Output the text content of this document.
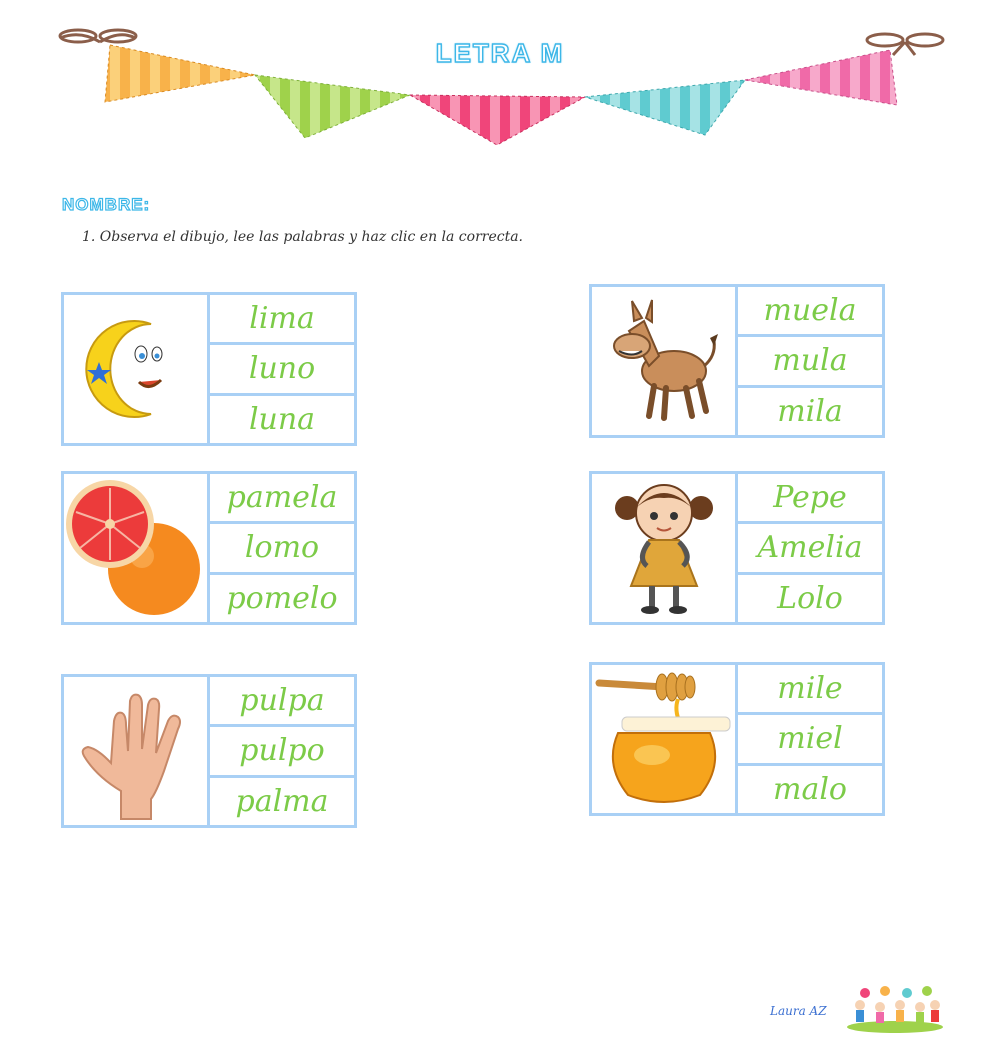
LETRA M
NOMBRE:
1. Observa el dibujo, lee las palabras y haz clic en la correcta.
lima
luno
luna
muela
mula
mila
pamela
lomo
pomelo
Pepe
Amelia
Lolo
pulpa
pulpo
palma
mile
miel
malo
Laura AZ
